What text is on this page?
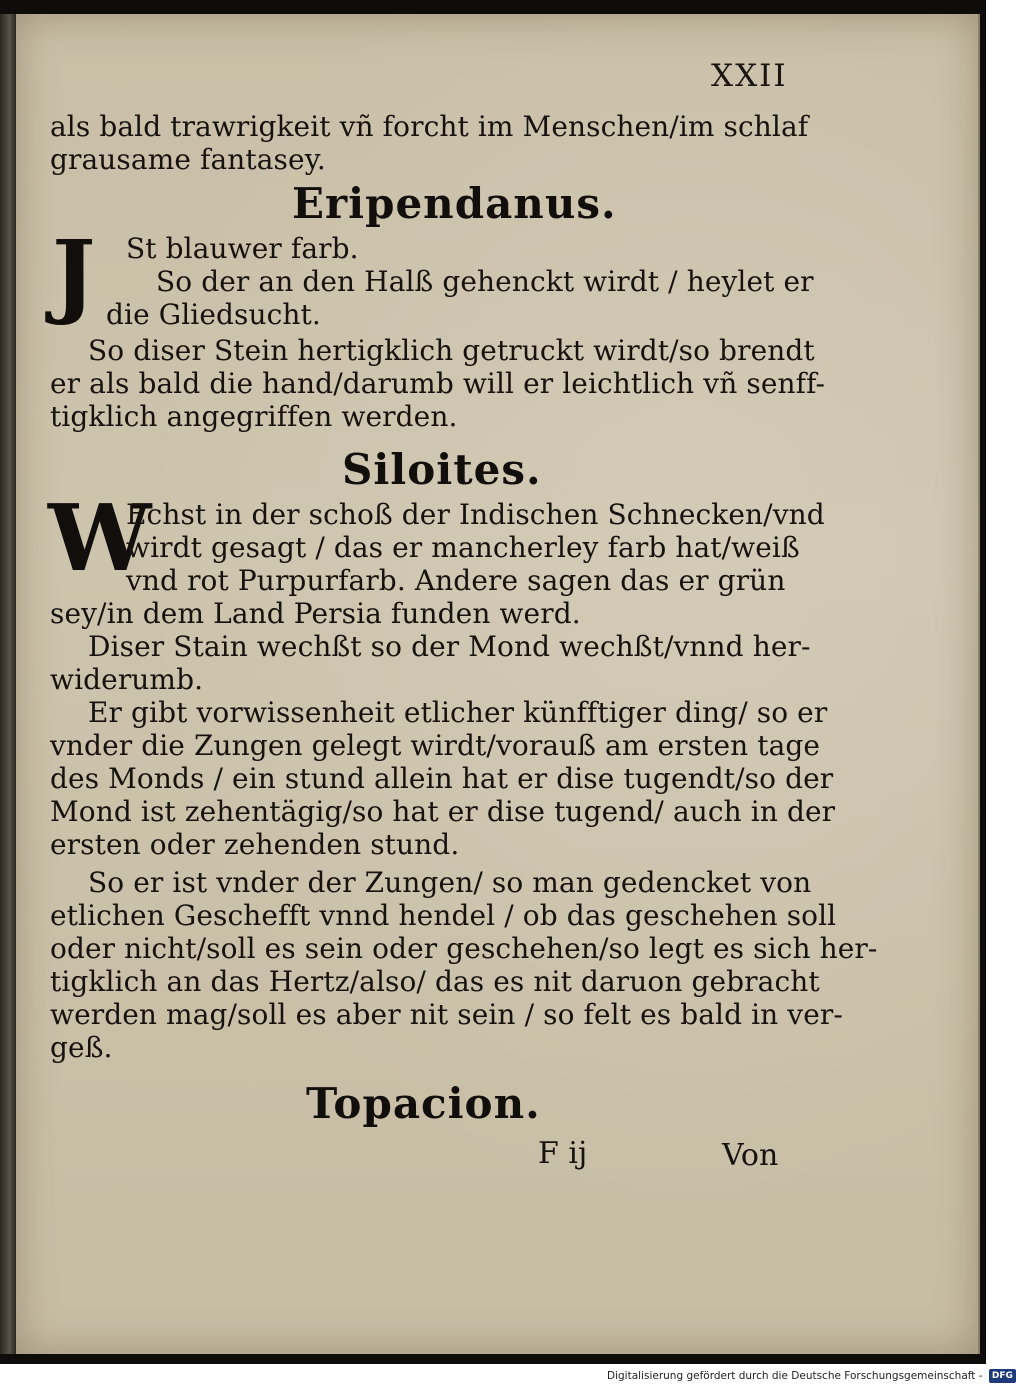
XXII
als bald trawrigkeit vñ forcht im Menschen/im schlaf
grausame fantasey.
Eripendanus.
J	St blauwer farb.
So der an den Halß gehenckt wirdt / heylet er
die Gliedsucht.
So diser Stein hertigklich getruckt wirdt/so brendt
er als bald die hand/darumb will er leichtlich vñ senff-
tigklich angegriffen werden.
Siloites.
W
Echst in der schoß der Indischen Schnecken/vnd
wirdt gesagt / das er mancherley farb hat/weiß
vnd rot Purpurfarb. Andere sagen das er grün
sey/in dem Land Persia funden werd.
Diser Stain wechßt so der Mond wechßt/vnnd her-
widerumb.
Er gibt vorwissenheit etlicher künfftiger ding/ so er
vnder die Zungen gelegt wirdt/vorauß am ersten tage
des Monds / ein stund allein hat er dise tugendt/so der
Mond ist zehentägig/so hat er dise tugend/ auch in der
ersten oder zehenden stund.
So er ist vnder der Zungen/ so man gedencket von
etlichen Geschefft vnnd hendel / ob das geschehen soll
oder nicht/soll es sein oder geschehen/so legt es sich her-
tigklich an das Hertz/also/ das es nit daruon gebracht
werden mag/soll es aber nit sein / so felt es bald in ver-
geß.
Topacion.
F ij	Von
Digitalisierung gefördert durch die Deutsche Forschungsgemeinschaft - DFG
